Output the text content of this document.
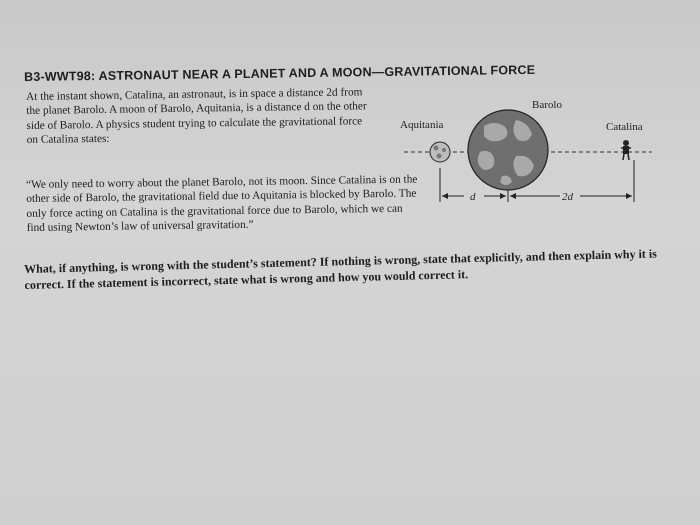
B3-WWT98: ASTRONAUT NEAR A PLANET AND A MOON—GRAVITATIONAL FORCE
At the instant shown, Catalina, an astronaut, is in space a distance 2d from the planet Barolo. A moon of Barolo, Aquitania, is a distance d on the other side of Barolo. A physics student trying to calculate the gravitational force on Catalina states:
“We only need to worry about the planet Barolo, not its moon. Since Catalina is on the other side of Barolo, the gravitational field due to Aquitania is blocked by Barolo. The only force acting on Catalina is the gravitational force due to Barolo, which we can find using Newton’s law of universal gravitation.”
What, if anything, is wrong with the student’s statement? If nothing is wrong, state that explicitly, and then explain why it is correct. If the statement is incorrect, state what is wrong and how you would correct it.
Barolo
Aquitania	Catalina
d	2d
